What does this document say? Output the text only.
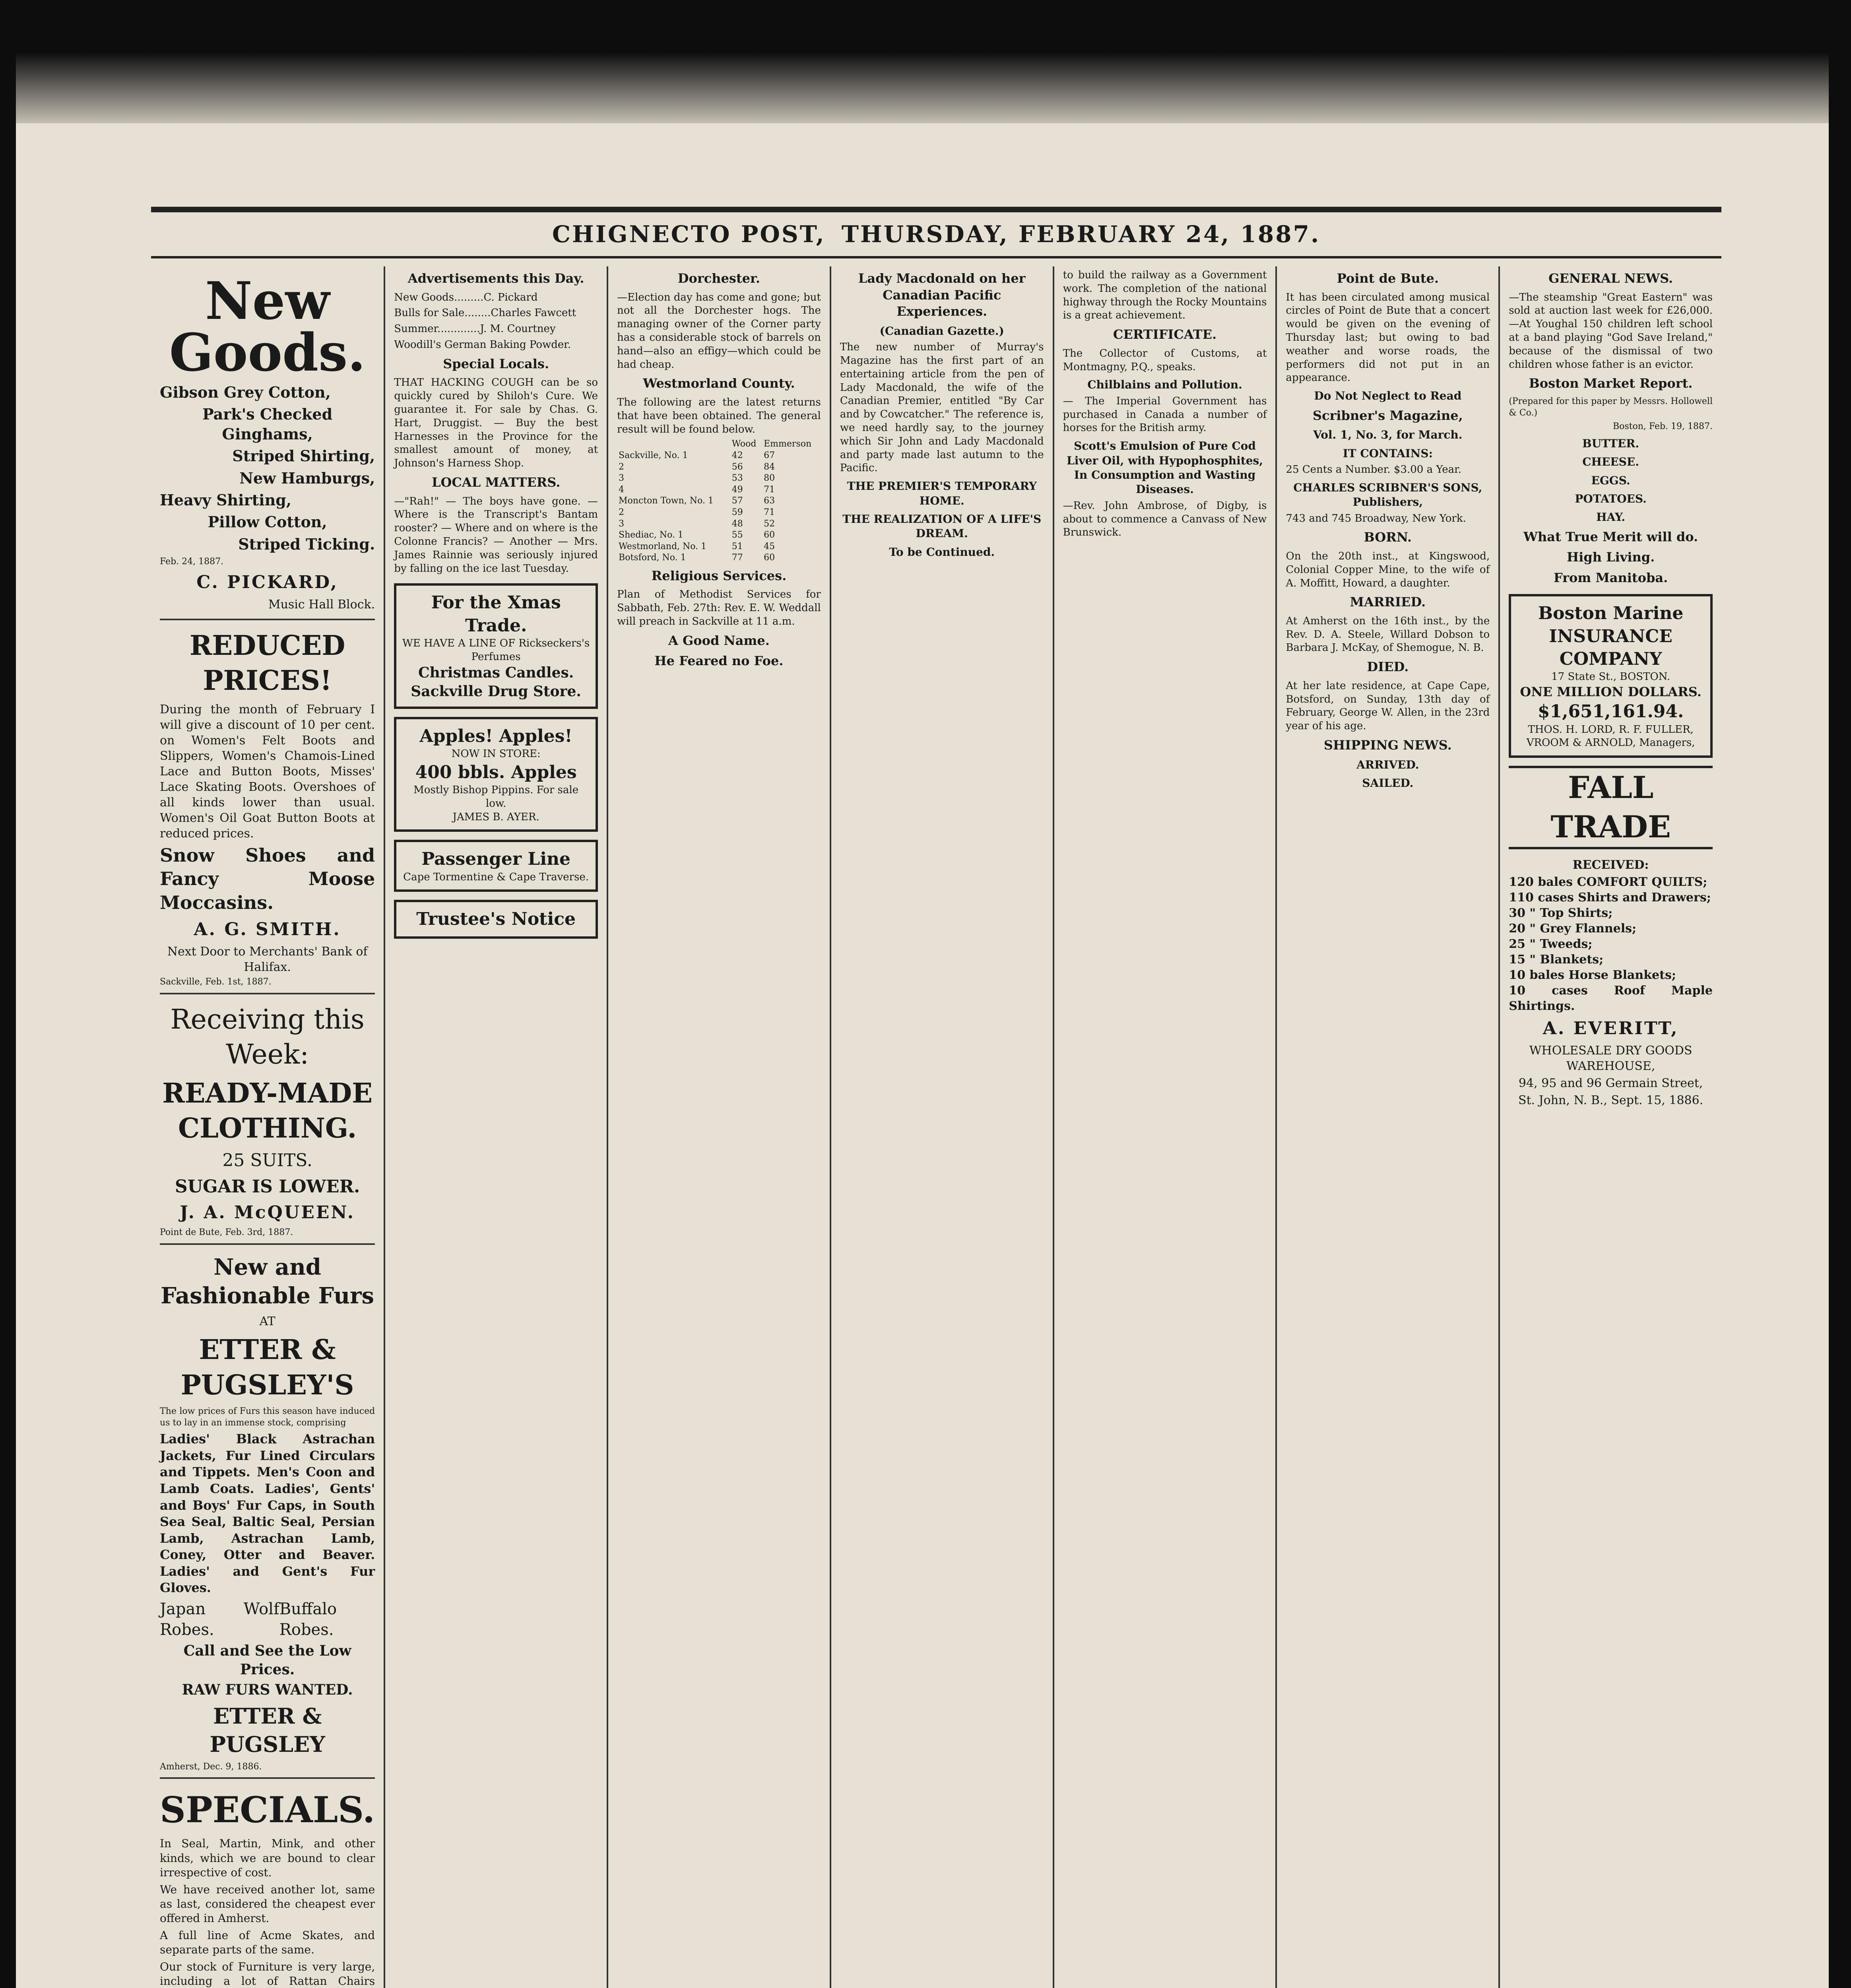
CHIGNECTO POST, THURSDAY, FEBRUARY 24, 1887.
New Goods.
Gibson Grey Cotton,
Park's Checked Ginghams,
Striped Shirting,
New Hamburgs,
Heavy Shirting,
Pillow Cotton,
Striped Ticking.
Feb. 24, 1887.
C. PICKARD,
Music Hall Block.
REDUCED PRICES!

During the month of February I will give a discount of 10 per cent. on Women's Felt Boots and Slippers, Women's Chamois-Lined Lace and Button Boots, Misses' Lace Skating Boots. Overshoes of all kinds lower than usual. Women's Oil Goat Button Boots at reduced prices.

Snow Shoes and Fancy Moose Moccasins.
A. G. SMITH.
Next Door to Merchants' Bank of Halifax.
Sackville, Feb. 1st, 1887.
Receiving this Week:
READY-MADE CLOTHING.
25 SUITS.
SUGAR IS LOWER.
J. A. McQUEEN.
Point de Bute, Feb. 3rd, 1887.
New and Fashionable Furs
AT
ETTER & PUGSLEY'S

The low prices of Furs this season have induced us to lay in an immense stock, comprising

Ladies' Black Astrachan Jackets, Fur Lined Circulars and Tippets. Men's Coon and Lamb Coats. Ladies', Gents' and Boys' Fur Caps, in South Sea Seal, Baltic Seal, Persian Lamb, Astrachan Lamb, Coney, Otter and Beaver. Ladies' and Gent's Fur Gloves.

Japan Wolf Robes.
Buffalo Robes.
Call and See the Low Prices.
RAW FURS WANTED.
ETTER & PUGSLEY
Amherst, Dec. 9, 1886.
SPECIALS.

In Seal, Martin, Mink, and other kinds, which we are bound to clear irrespective of cost.

We have received another lot, same as last, considered the cheapest ever offered in Amherst.

A full line of Acme Skates, and separate parts of the same.

Our stock of Furniture is very large, including a lot of Rattan Chairs

Advertisements this Day.

New Goods.........C. Pickard

Bulls for Sale........Charles Fawcett

Summer.............J. M. Courtney

Woodill's German Baking Powder.

Special Locals.

THAT HACKING COUGH can be so quickly cured by Shiloh's Cure. We guarantee it. For sale by Chas. G. Hart, Druggist. — Buy the best Harnesses in the Province for the smallest amount of money, at Johnson's Harness Shop.

LOCAL MATTERS.

—"Rah!" — The boys have gone. — Where is the Transcript's Bantam rooster? — Where and on where is the Colonne Francis? — Another — Mrs. James Rainnie was seriously injured by falling on the ice last Tuesday.

For the Xmas Trade.
WE HAVE A LINE OF Rickseckers's Perfumes
Christmas Candles.
Sackville Drug Store.
Apples! Apples!
NOW IN STORE:
400 bbls. Apples
Mostly Bishop Pippins. For sale low.
JAMES B. AYER.
Passenger Line
Cape Tormentine & Cape Traverse.
Trustee's Notice
Dorchester.

—Election day has come and gone; but not all the Dorchester hogs. The managing owner of the Corner party has a considerable stock of barrels on hand—also an effigy—which could be had cheap.

Westmorland County.

The following are the latest returns that have been obtained. The general result will be found below.

	Wood	Emmerson
Sackville, No. 1	42	67
2	56	84
3	53	80
4	49	71
Moncton Town, No. 1	57	63
2	59	71
3	48	52
Shediac, No. 1	55	60
Westmorland, No. 1	51	45
Botsford, No. 1	77	60
Religious Services.

Plan of Methodist Services for Sabbath, Feb. 27th: Rev. E. W. Weddall will preach in Sackville at 11 a.m.

A Good Name.
He Feared no Foe.
Lady Macdonald on her Canadian Pacific Experiences.
(Canadian Gazette.)

The new number of Murray's Magazine has the first part of an entertaining article from the pen of Lady Macdonald, the wife of the Canadian Premier, entitled "By Car and by Cowcatcher." The reference is, we need hardly say, to the journey which Sir John and Lady Macdonald and party made last autumn to the Pacific.

THE PREMIER'S TEMPORARY HOME.
THE REALIZATION OF A LIFE'S DREAM.
To be Continued.

to build the railway as a Government work. The completion of the national highway through the Rocky Mountains is a great achievement.

CERTIFICATE.

The Collector of Customs, at Montmagny, P.Q., speaks.

Chilblains and Pollution.

— The Imperial Government has purchased in Canada a number of horses for the British army.

Scott's Emulsion of Pure Cod Liver Oil, with Hypophosphites, In Consumption and Wasting Diseases.

—Rev. John Ambrose, of Digby, is about to commence a Canvass of New Brunswick.

Point de Bute.

It has been circulated among musical circles of Point de Bute that a concert would be given on the evening of Thursday last; but owing to bad weather and worse roads, the performers did not put in an appearance.

Do Not Neglect to Read
Scribner's Magazine,
Vol. 1, No. 3, for March.
IT CONTAINS:

25 Cents a Number. $3.00 a Year.

CHARLES SCRIBNER'S SONS, Publishers,

743 and 745 Broadway, New York.

BORN.

On the 20th inst., at Kingswood, Colonial Copper Mine, to the wife of A. Moffitt, Howard, a daughter.

MARRIED.

At Amherst on the 16th inst., by the Rev. D. A. Steele, Willard Dobson to Barbara J. McKay, of Shemogue, N. B.

DIED.

At her late residence, at Cape Cape, Botsford, on Sunday, 13th day of February, George W. Allen, in the 23rd year of his age.

SHIPPING NEWS.
ARRIVED.
SAILED.
GENERAL NEWS.

—The steamship "Great Eastern" was sold at auction last week for £26,000. —At Youghal 150 children left school at a band playing "God Save Ireland," because of the dismissal of two children whose father is an evictor.

Boston Market Report.

(Prepared for this paper by Messrs. Hollowell & Co.)

Boston, Feb. 19, 1887.

BUTTER.
CHEESE.
EGGS.
POTATOES.
HAY.
What True Merit will do.
High Living.
From Manitoba.
Boston Marine
INSURANCE COMPANY
17 State St., BOSTON.
ONE MILLION DOLLARS.
$1,651,161.94.
THOS. H. LORD, R. F. FULLER,
VROOM & ARNOLD, Managers,
FALL TRADE
RECEIVED:
120 bales COMFORT QUILTS;
110 cases Shirts and Drawers;
30 " Top Shirts;
20 " Grey Flannels;
25 " Tweeds;
15 " Blankets;
10 bales Horse Blankets;
10 cases Roof Maple Shirtings.
A. EVERITT,
WHOLESALE DRY GOODS WAREHOUSE,
94, 95 and 96 Germain Street,
St. John, N. B., Sept. 15, 1886.
